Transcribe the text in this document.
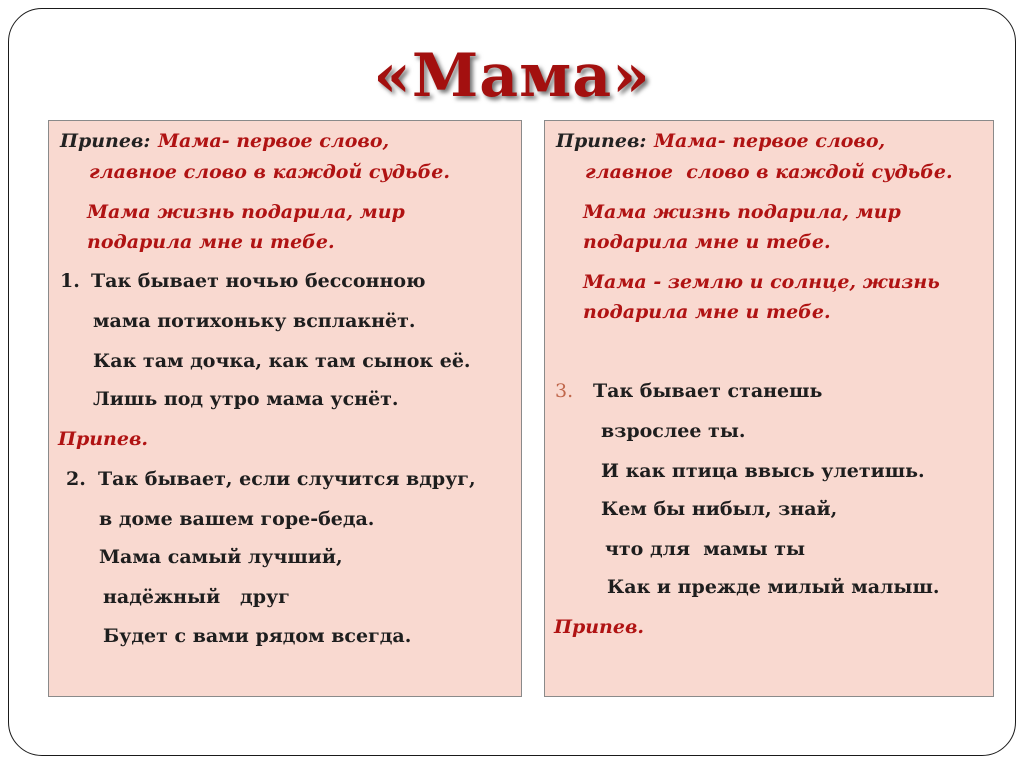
«Мама»
Припев: Мама- первое слово,
главное слово в каждой судьбе.
Мама жизнь подарила, мир
подарила мне и тебе.
1. Так бывает ночью бессонною
мама потихоньку всплакнёт.
Как там дочка, как там сынок её.
Лишь под утро мама уснёт.
Припев.
2. Так бывает, если случится вдруг,
в доме вашем горе-беда.
Мама самый лучший,
надёжный   друг
Будет с вами рядом всегда.
Припев: Мама- первое слово,
главное  слово в каждой судьбе.
Мама жизнь подарила, мир
подарила мне и тебе.
Мама - землю и солнце, жизнь
подарила мне и тебе.
3. Так бывает станешь
взрослее ты.
И как птица ввысь улетишь.
Кем бы нибыл, знай,
что для  мамы ты
Как и прежде милый малыш.
Припев.
